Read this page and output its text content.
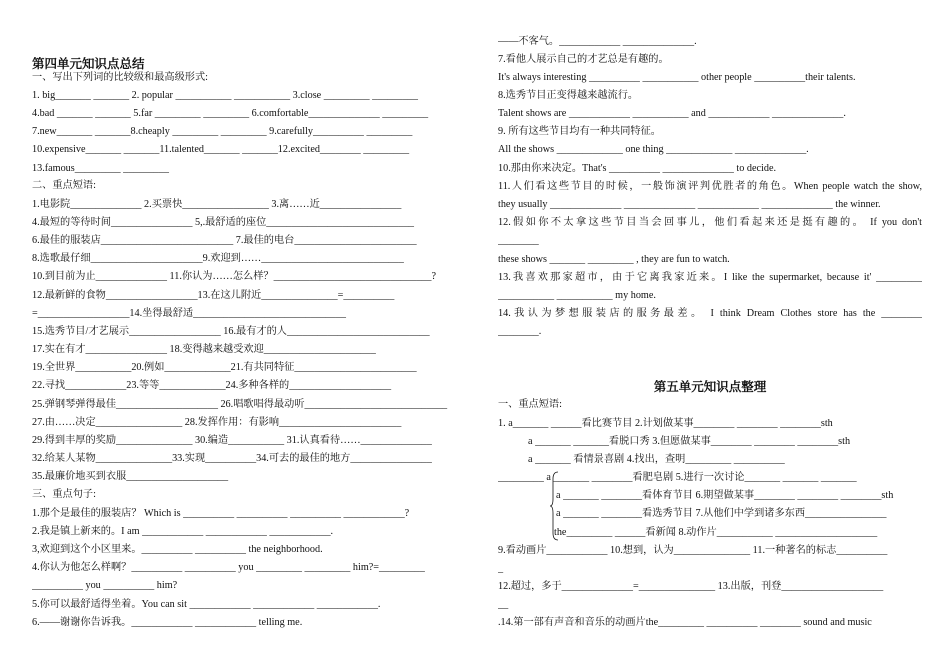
第四单元知识点总结
一、写出下列词的比较级和最高级形式:
1. big_______ _______ 2. popular ___________ ___________ 3.close _________ _________
4.bad _______ _______ 5.far _________ _________ 6.comfortable______________ _________
7.new_______ _______8.cheaply _________ _________ 9.carefully__________ _________
10.expensive_______ _______11.talented_______ _______12.excited________ _________
13.famous_________ _________
二、重点短语:
1.电影院______________ 2.买票快_________________ 3.离……近________________
4.最短的等待时间________________ 5,.最舒适的座位_____________________________
6.最佳的服装店__________________________ 7.最佳的电台________________________
8.选歌最仔细______________________9.欢迎到……____________________________
10.到目前为止______________ 11.你认为……怎么样？_______________________________?
12.最新鲜的食物__________________13.在这儿附近_______________=__________
=__________________14.坐得最舒适______________________________
15.选秀节目/才艺展示__________________ 16.最有才的人____________________________
17.实在有才________________ 18.变得越来越受欢迎______________________
19.全世界___________20.例如_____________21.有共同特征________________________
22.寻找____________23.等等_____________24.多种各样的____________________
25.弹钢琴弹得最佳____________________ 26.唱歌唱得最动听____________________________
27.由……决定_________________ 28.发挥作用：有影响________________________
29.得到丰厚的奖励_______________ 30.编造___________ 31.认真看待……______________
32.给某人某物_______________33.实现__________34.可去的最佳的地方________________
35.最廉价地买到衣服____________________
三、重点句子:
1.那个是最佳的服装店？ Which is __________ __________ __________ ____________?
2.我是镇上新来的。I am ____________ ____________ ____________.
3,欢迎到这个小区里来。__________ __________ the neighborhood.
4.你认为他怎么样啊？__________ __________ you _________ _________ him?=_________
__________ you __________ him?
5.你可以最舒适得坐着。You can sit ____________ ____________ ____________.
6.——谢谢你告诉我。____________ ____________ telling me.
——不客气。____________ ______________.
7.看他人展示自己的才艺总是有趣的。
It's always interesting __________ ___________ other people __________their talents.
8.选秀节目正变得越来越流行。
Talent shows are ____________ ___________ and ____________ ______________.
9. 所有这些节目均有一种共同特征。
All the shows _____________ one thing _____________ ______________.
10.那由你来决定。That's __________ ______________ to decide.
11.人们看这些节目的时候，一般饰演评判优胜者的角色。When people watch the show,
they usually ______________ ______________ ____________ ______________ the winner.
12.假如你不太拿这些节目当会回事儿，他们看起来还是挺有趣的。 If you don't
________
these shows _______ _________ , they are fun to watch.
13.我喜欢那家超市，由于它离我家近来。I like the supermarket, because it' _________
___________ ___________ my home.
14.我认为梦想服装店的服务最差。 I think Dream Clothes store has the ________
________.
第五单元知识点整理
一、重点短语:
1. a_______ ______看比赛节目 2.计划做某事________ ________ ________sth
a _______ _______看脱口秀 3.但愿做某事________ ________ ________sth
a _______ 看情景喜剧 4.找出，查明_________ __________
_________ a _______ ________看肥皂剧 5.进行一次讨论_______ _______ _______
a _______ ________看体育节目 6.期望做某事________ ________ ________sth
a _______ ________看选秀节目 7.从他们中学到诸多东西________________
the_________ ______看新闻 8.动作片___________ ____________________
9.看动画片____________ 10.想到，认为_______________ 11.一种著名的标志__________
_
12.超过，多于______________=_______________ 13.出版，刊登____________________
__
.14.第一部有声音和音乐的动画片the_________ __________ ________ sound and music
